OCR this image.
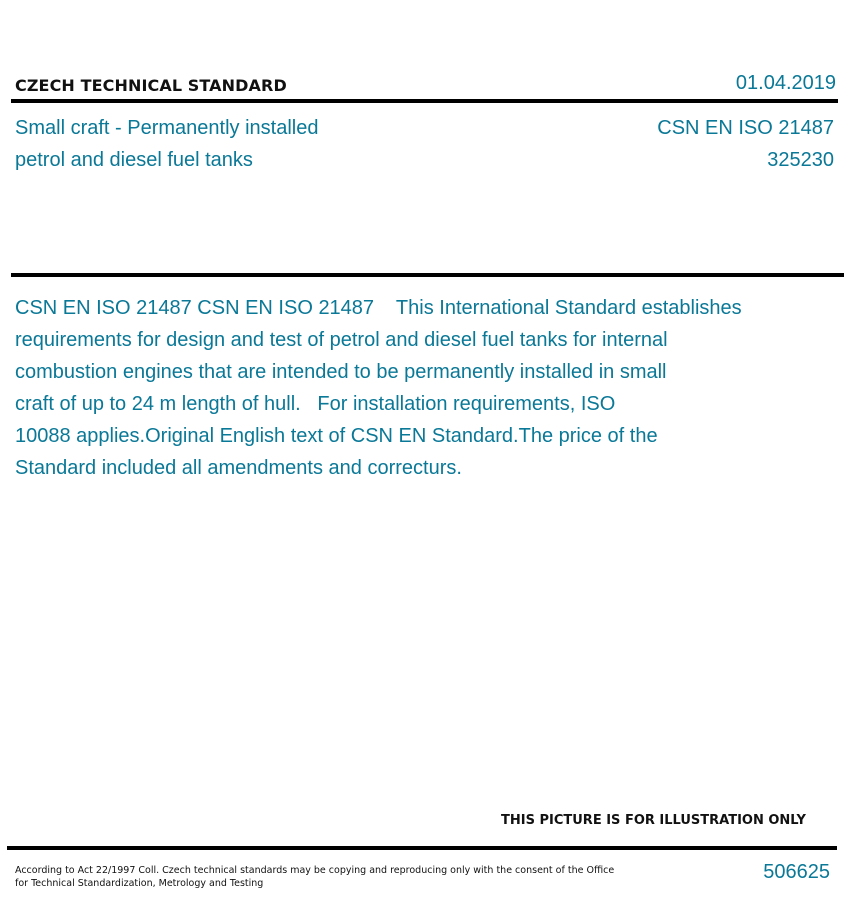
CZECH TECHNICAL STANDARD	01.04.2019
Small craft - Permanently installed
petrol and diesel fuel tanks
CSN EN ISO 21487
325230
CSN EN ISO 21487 CSN EN ISO 21487    This International Standard establishes
requirements for design and test of petrol and diesel fuel tanks for internal
combustion engines that are intended to be permanently installed in small
craft of up to 24 m length of hull.   For installation requirements, ISO
10088 applies.Original English text of CSN EN Standard.The price of the
Standard included all amendments and correcturs.
THIS PICTURE IS FOR ILLUSTRATION ONLY
According to Act 22/1997 Coll. Czech technical standards may be copying and reproducing only with the consent of the Office
for Technical Standardization, Metrology and Testing
506625
